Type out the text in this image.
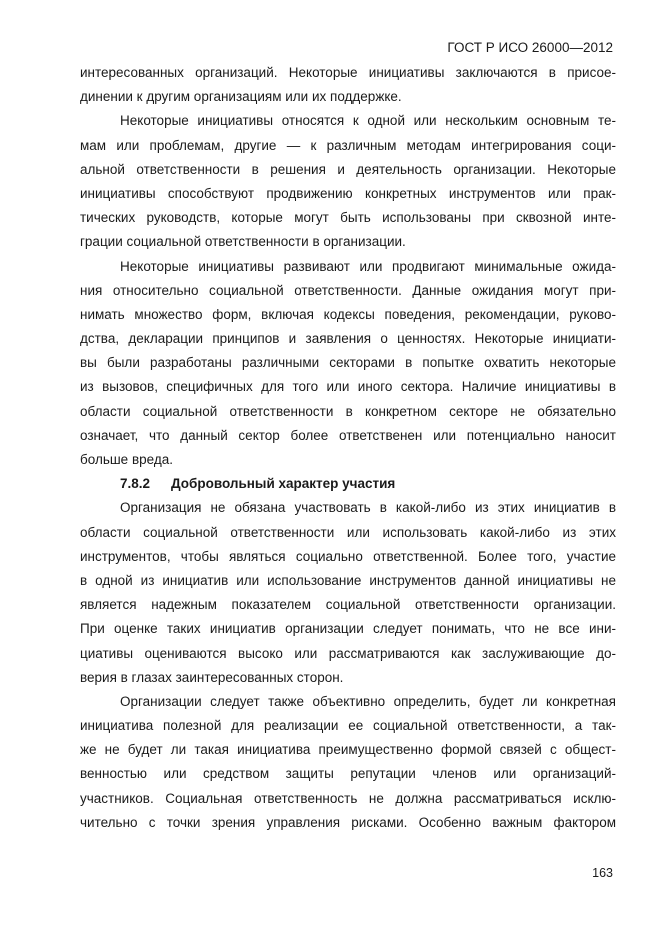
ГОСТ Р ИСО 26000—2012
интересованных организаций. Некоторые инициативы заключаются в присое-
динении к другим организациям или их поддержке.
Некоторые инициативы относятся к одной или нескольким основным те-
мам или проблемам, другие — к различным методам интегрирования соци-
альной ответственности в решения и деятельность организации. Некоторые
инициативы способствуют продвижению конкретных инструментов или прак-
тических руководств, которые могут быть использованы при сквозной инте-
грации социальной ответственности в организации.
Некоторые инициативы развивают или продвигают минимальные ожида-
ния относительно социальной ответственности. Данные ожидания могут при-
нимать множество форм, включая кодексы поведения, рекомендации, руково-
дства, декларации принципов и заявления о ценностях. Некоторые инициати-
вы были разработаны различными секторами в попытке охватить некоторые
из вызовов, специфичных для того или иного сектора. Наличие инициативы в
области социальной ответственности в конкретном секторе не обязательно
означает, что данный сектор более ответственен или потенциально наносит
больше вреда.
7.8.2 Добровольный характер участия
Организация не обязана участвовать в какой-либо из этих инициатив в
области социальной ответственности или использовать какой-либо из этих
инструментов, чтобы являться социально ответственной. Более того, участие
в одной из инициатив или использование инструментов данной инициативы не
является надежным показателем социальной ответственности организации.
При оценке таких инициатив организации следует понимать, что не все ини-
циативы оцениваются высоко или рассматриваются как заслуживающие до-
верия в глазах заинтересованных сторон.
Организации следует также объективно определить, будет ли конкретная
инициатива полезной для реализации ее социальной ответственности, а так-
же не будет ли такая инициатива преимущественно формой связей с общест-
венностью или средством защиты репутации членов или организаций-
участников. Социальная ответственность не должна рассматриваться исклю-
чительно с точки зрения управления рисками. Особенно важным фактором
163
